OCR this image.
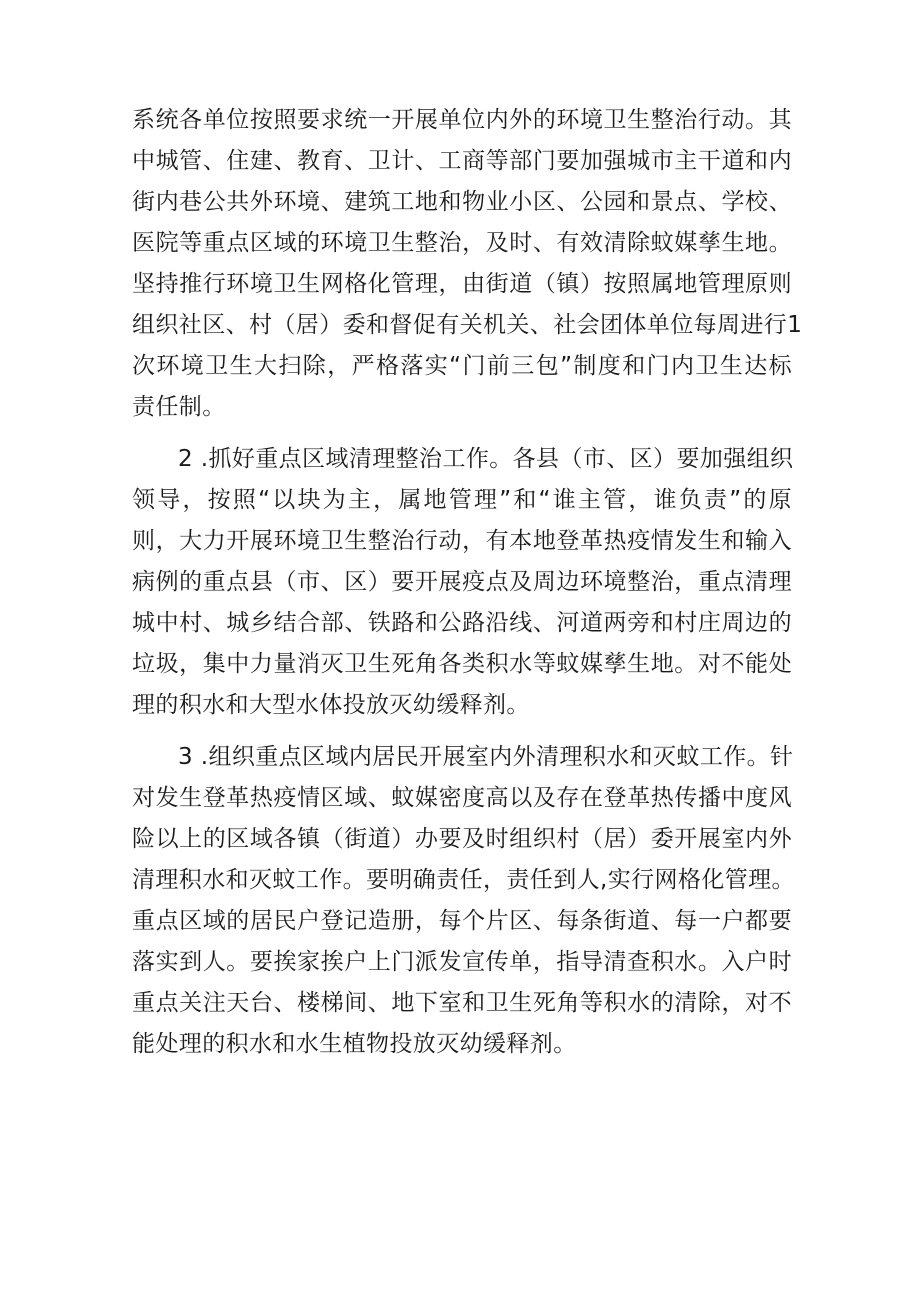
系统各单位按照要求统一开展单位内外的环境卫生整治行动。其
中城管、住建、教育、卫计、工商等部门要加强城市主干道和内
街内巷公共外环境、建筑工地和物业小区、公园和景点、学校、
医院等重点区域的环境卫生整治，及时、有效清除蚊媒孳生地。
坚持推行环境卫生网格化管理，由街道（镇）按照属地管理原则
组织社区、村（居）委和督促有关机关、社会团体单位每周进行1
次环境卫生大扫除，严格落实“门前三包”制度和门内卫生达标
责任制。
2 .抓好重点区域清理整治工作。各县（市、区）要加强组织
领导，按照“以块为主，属地管理”和“谁主管，谁负责”的原
则，大力开展环境卫生整治行动，有本地登革热疫情发生和输入
病例的重点县（市、区）要开展疫点及周边环境整治，重点清理
城中村、城乡结合部、铁路和公路沿线、河道两旁和村庄周边的
垃圾，集中力量消灭卫生死角各类积水等蚊媒孳生地。对不能处
理的积水和大型水体投放灭幼缓释剂。
3 .组织重点区域内居民开展室内外清理积水和灭蚊工作。针
对发生登革热疫情区域、蚊媒密度高以及存在登革热传播中度风
险以上的区域各镇（街道）办要及时组织村（居）委开展室内外
清理积水和灭蚊工作。要明确责任，责任到人,实行网格化管理。
重点区域的居民户登记造册，每个片区、每条街道、每一户都要
落实到人。要挨家挨户上门派发宣传单，指导清查积水。入户时
重点关注天台、楼梯间、地下室和卫生死角等积水的清除，对不
能处理的积水和水生植物投放灭幼缓释剂。
